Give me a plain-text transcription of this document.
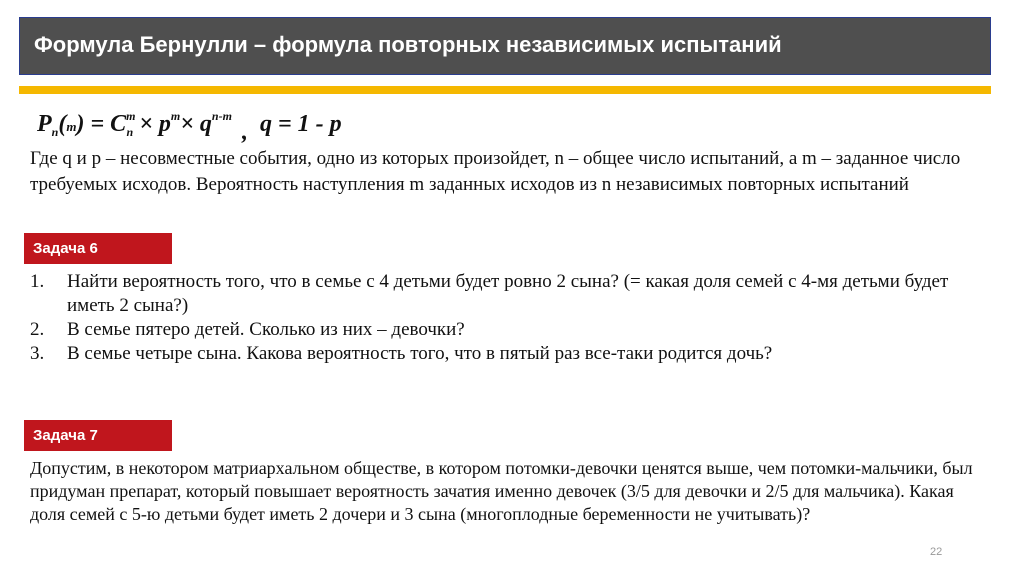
Формула Бернулли – формула повторных независимых испытаний
$P_n(m) = C^m_n \times p^m\times q^{n-m}$, q = 1 - p
Где q и p – несовместные события, одно из которых произойдет, n – общее число испытаний, а m – заданное число требуемых исходов. Вероятность наступления m заданных исходов из n независимых повторных испытаний
Задача 6
1. Найти вероятность того, что в семье с 4 детьми будет ровно 2 сына? (= какая доля семей с 4-мя детьми будет иметь 2 сына?)
2. В семье пятеро детей. Сколько из них – девочки?
3. В семье четыре сына. Какова вероятность того, что в пятый раз все-таки родится дочь?
Задача 7
Допустим, в некотором матриархальном обществе, в котором потомки-девочки ценятся выше, чем потомки-мальчики, был придуман препарат, который повышает вероятность зачатия именно девочек (3/5 для девочки и 2/5 для мальчика). Какая доля семей с 5-ю детьми будет иметь 2 дочери и 3 сына (многоплодные беременности не учитывать)?
22
